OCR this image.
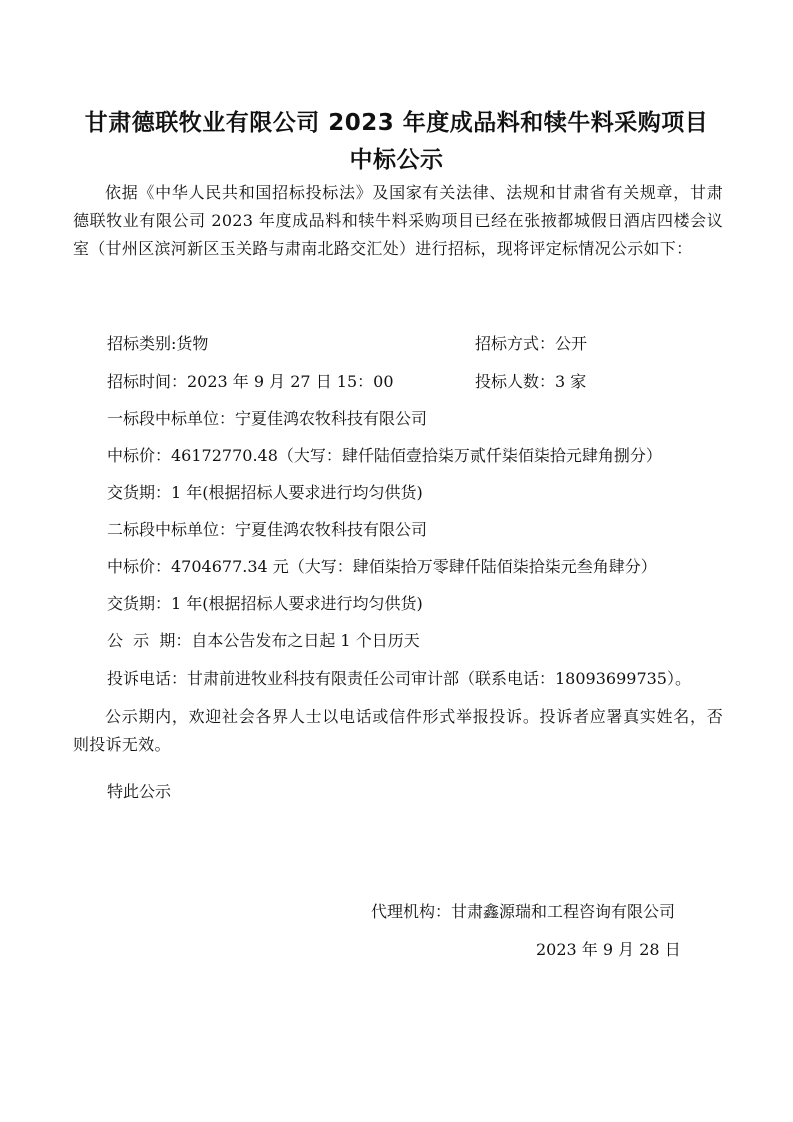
甘肃德联牧业有限公司 2023 年度成品料和犊牛料采购项目
中标公示
依据《中华人民共和国招标投标法》及国家有关法律、法规和甘肃省有关规章，甘肃德联牧业有限公司 2023 年度成品料和犊牛料采购项目已经在张掖都城假日酒店四楼会议室（甘州区滨河新区玉关路与肃南北路交汇处）进行招标，现将评定标情况公示如下：
招标类别:货物	招标方式：公开
招标时间：2023 年 9 月 27 日 15：00	投标人数：3 家
一标段中标单位：宁夏佳鸿农牧科技有限公司
中标价：46172770.48（大写：肆仟陆佰壹拾柒万贰仟柒佰柒拾元肆角捌分）
交货期：1 年(根据招标人要求进行均匀供货)
二标段中标单位：宁夏佳鸿农牧科技有限公司
中标价：4704677.34 元（大写：肆佰柒拾万零肆仟陆佰柒拾柒元叁角肆分）
交货期：1 年(根据招标人要求进行均匀供货)
公  示  期：自本公告发布之日起 1 个日历天
投诉电话：甘肃前进牧业科技有限责任公司审计部（联系电话：18093699735）。
公示期内，欢迎社会各界人士以电话或信件形式举报投诉。投诉者应署真实姓名，否则投诉无效。
特此公示
代理机构：甘肃鑫源瑞和工程咨询有限公司
2023 年 9 月 28 日
